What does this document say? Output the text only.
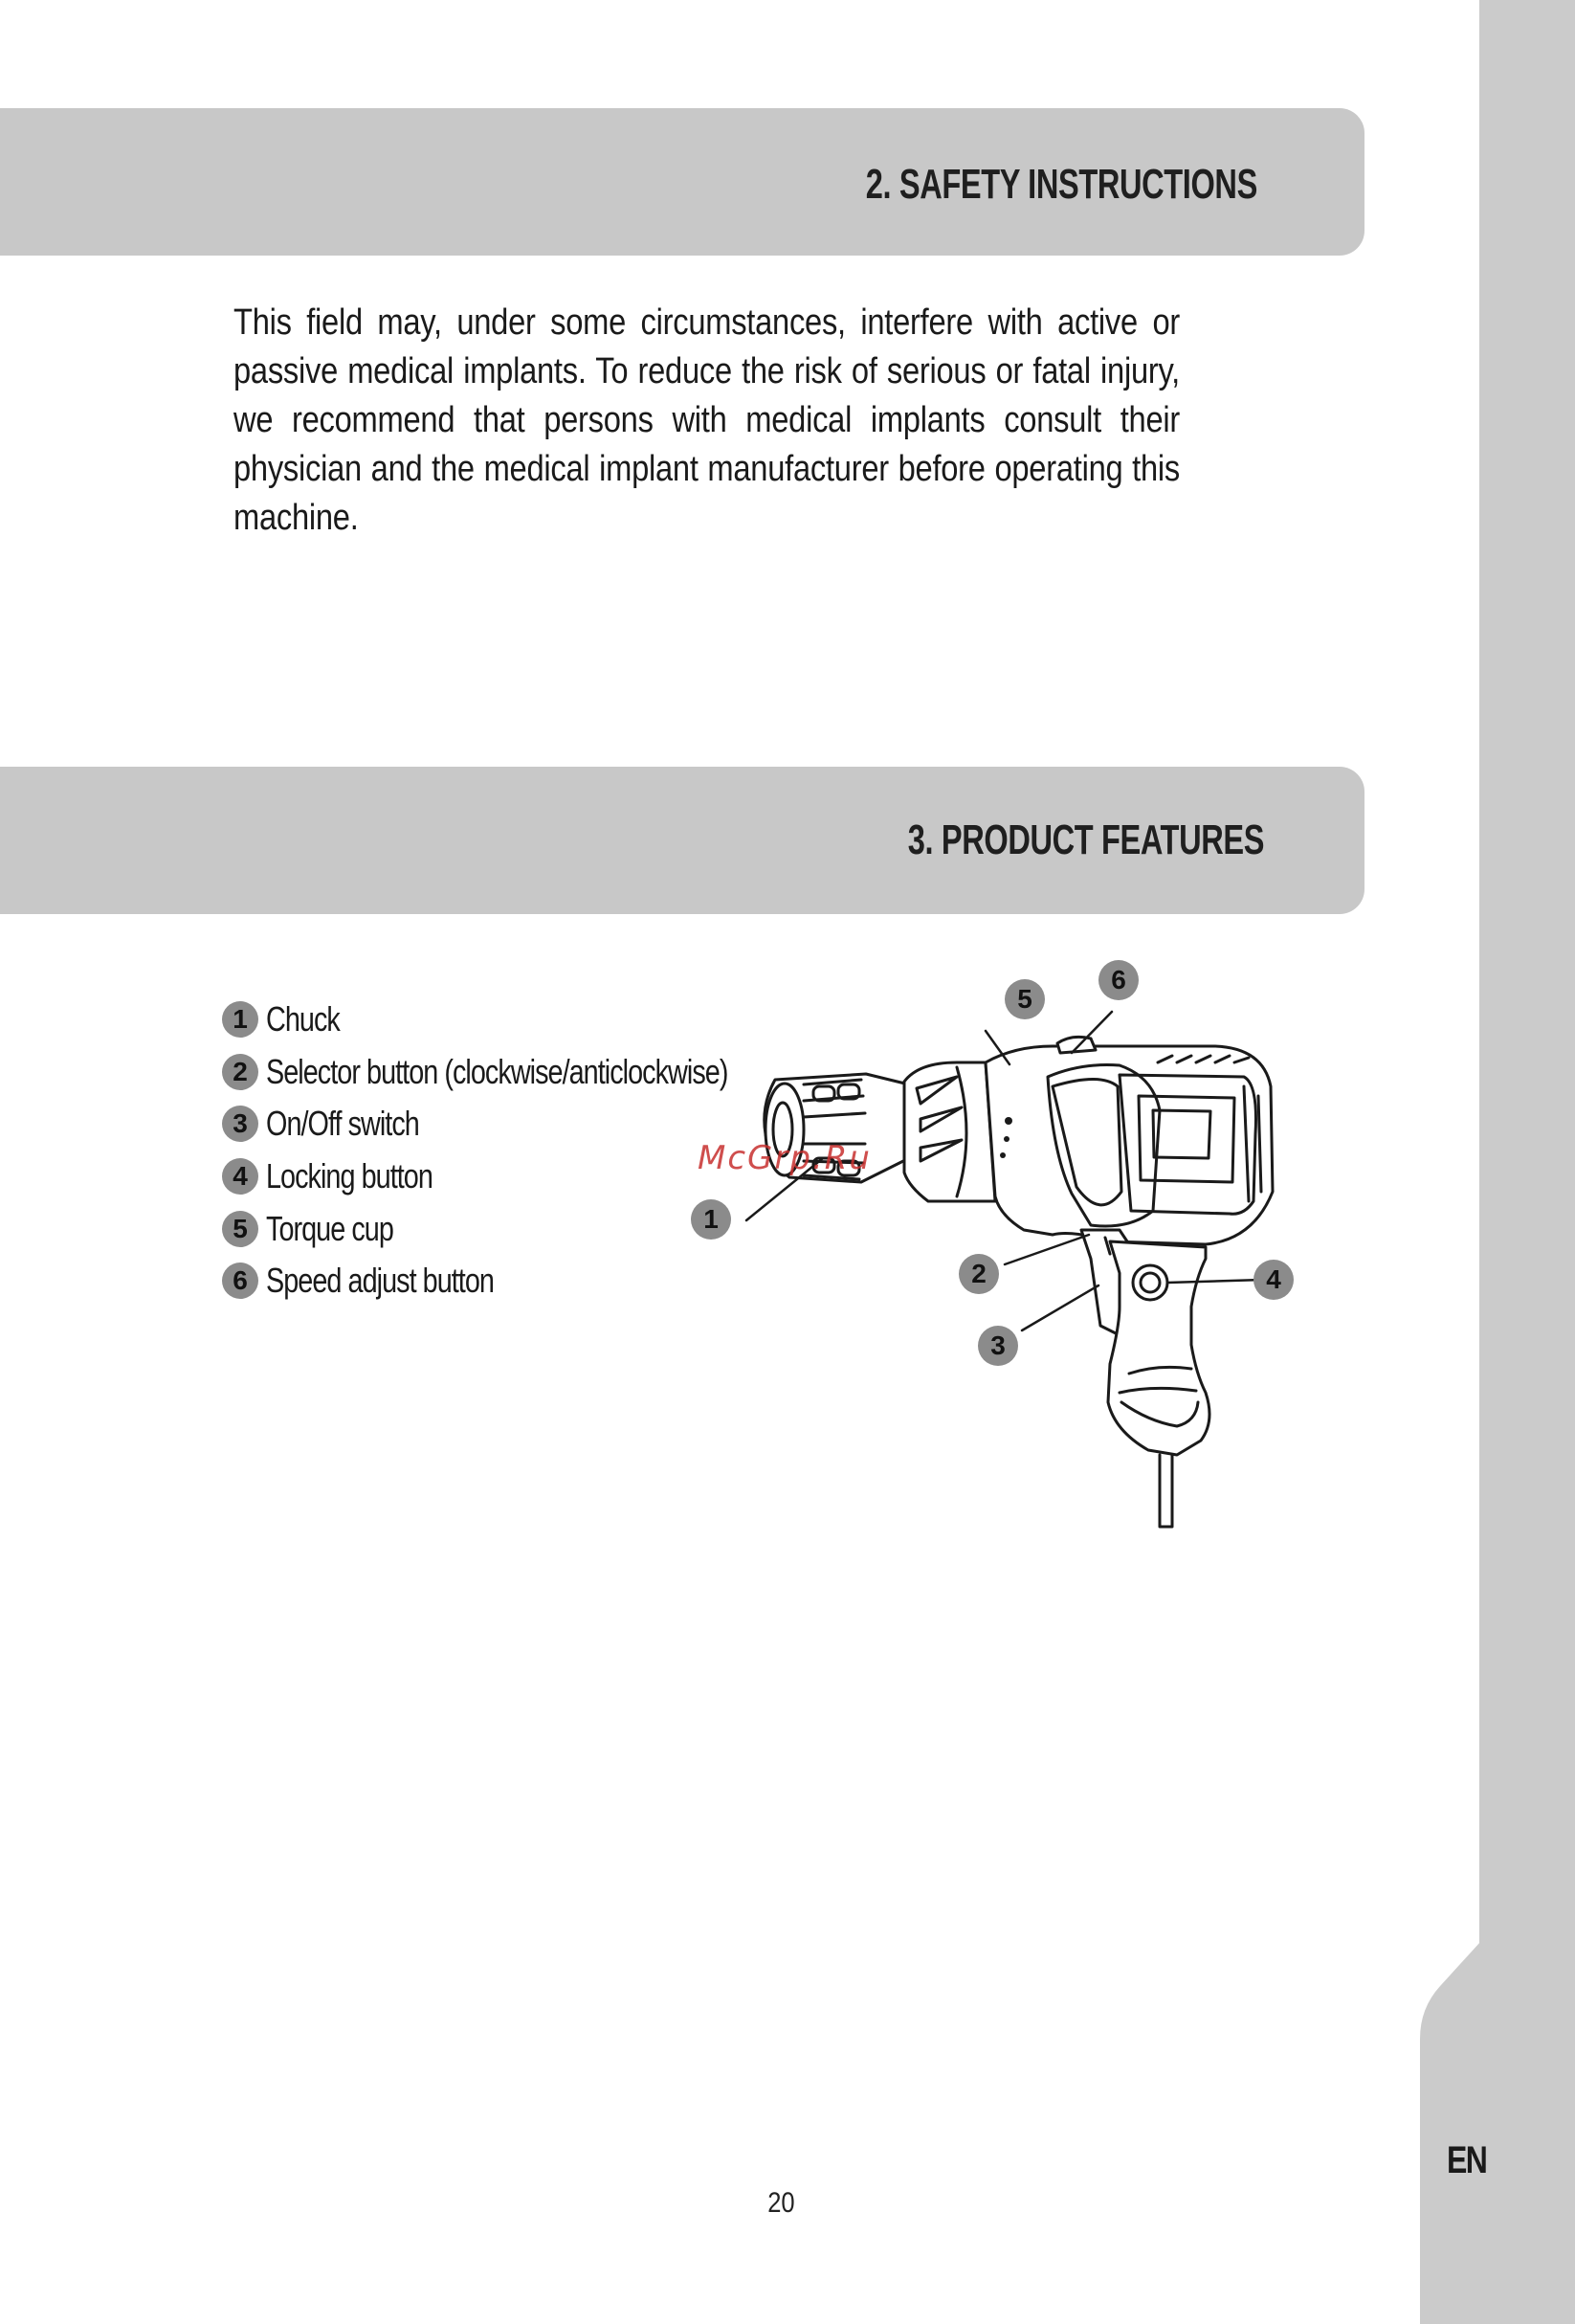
EN
2. SAFETY INSTRUCTIONS
This field may, under some circumstances, interfere with active or passive medical implants. To reduce the risk of serious or fatal injury, we recommend that persons with medical implants consult their physician and the medical implant manufacturer before operating this machine.
3. PRODUCT FEATURES
1 Chuck
2 Selector button (clockwise/anticlockwise)
3 On/Off switch
4 Locking button
5 Torque cup
6 Speed adjust button
1
5
6
2
3
4
McGrp.Ru
20
